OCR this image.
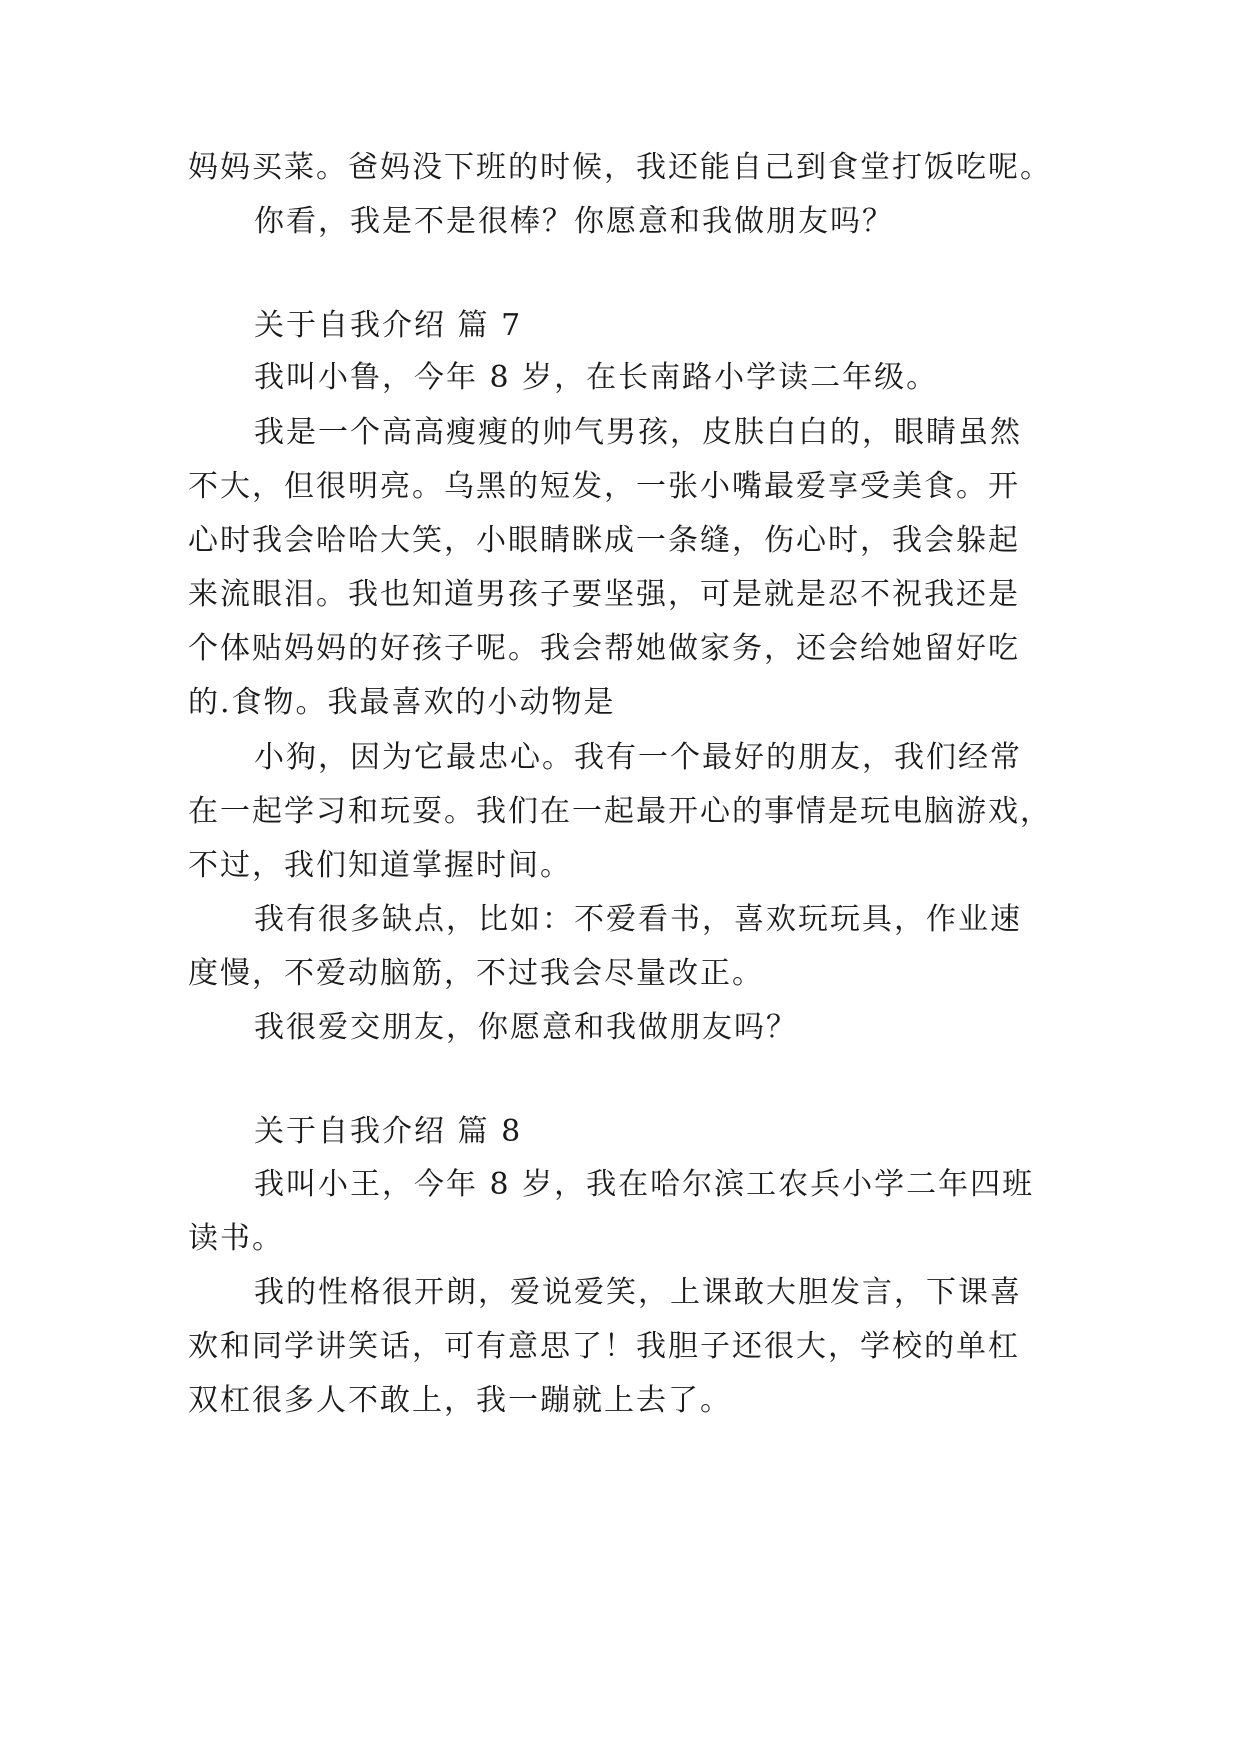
妈妈买菜。爸妈没下班的时候，我还能自己到食堂打饭吃呢。
你看，我是不是很棒？你愿意和我做朋友吗？
关于自我介绍 篇 7
我叫小鲁，今年 8 岁，在长南路小学读二年级。
我是一个高高瘦瘦的帅气男孩，皮肤白白的，眼睛虽然
不大，但很明亮。乌黑的短发，一张小嘴最爱享受美食。开
心时我会哈哈大笑，小眼睛眯成一条缝，伤心时，我会躲起
来流眼泪。我也知道男孩子要坚强，可是就是忍不祝我还是
个体贴妈妈的好孩子呢。我会帮她做家务，还会给她留好吃
的.食物。我最喜欢的小动物是
小狗，因为它最忠心。我有一个最好的朋友，我们经常
在一起学习和玩耍。我们在一起最开心的事情是玩电脑游戏，
不过，我们知道掌握时间。
我有很多缺点，比如：不爱看书，喜欢玩玩具，作业速
度慢，不爱动脑筋，不过我会尽量改正。
我很爱交朋友，你愿意和我做朋友吗？
关于自我介绍 篇 8
我叫小王，今年 8 岁，我在哈尔滨工农兵小学二年四班
读书。
我的性格很开朗，爱说爱笑，上课敢大胆发言，下课喜
欢和同学讲笑话，可有意思了！我胆子还很大，学校的单杠
双杠很多人不敢上，我一蹦就上去了。
